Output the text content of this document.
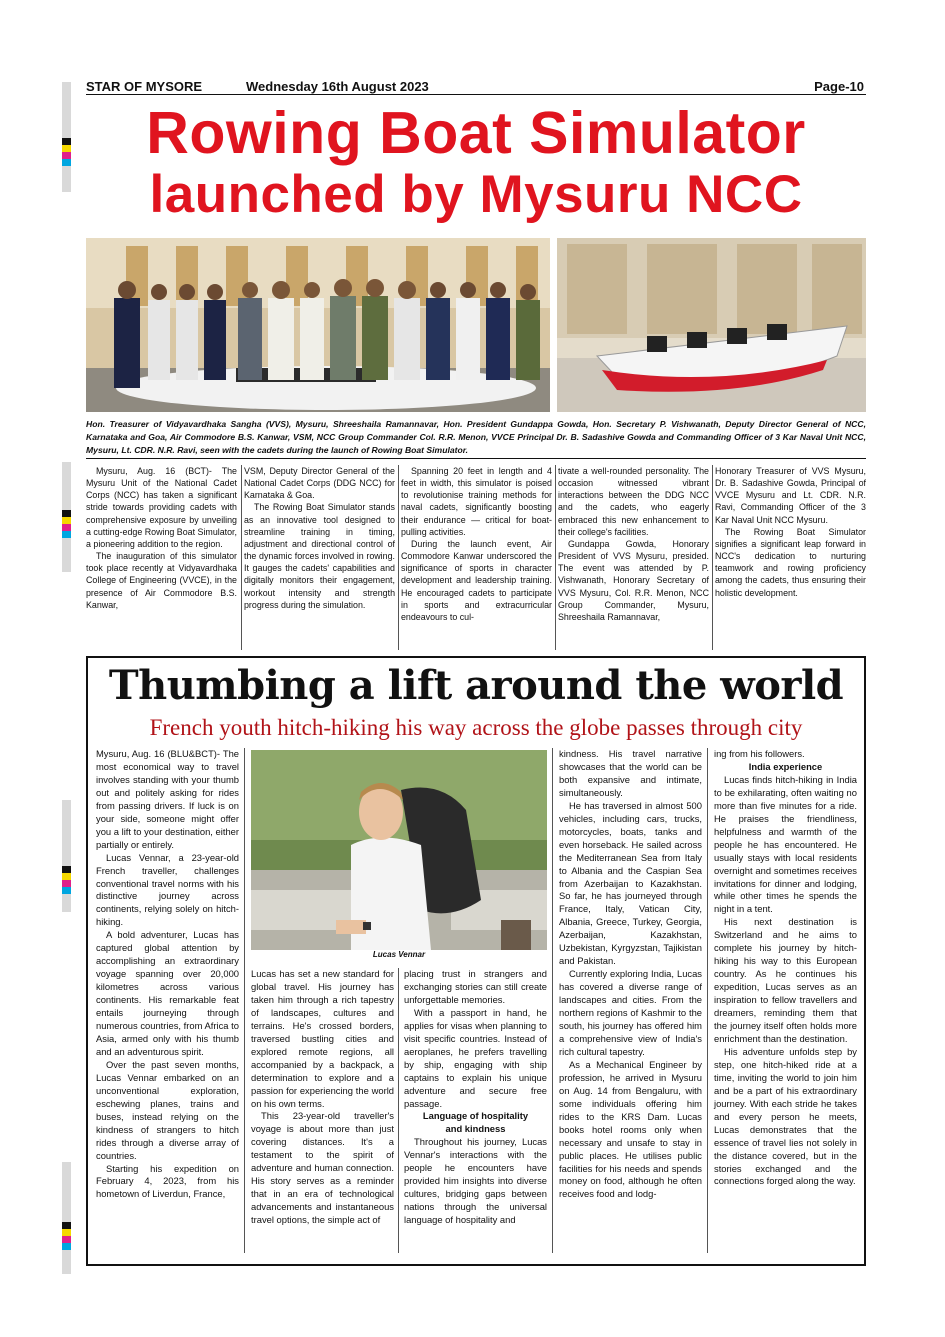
STAR OF MYSORE	Wednesday 16th August 2023	Page-10
Rowing Boat Simulator
launched by Mysuru NCC
Hon. Treasurer of Vidyavardhaka Sangha (VVS), Mysuru, Shreeshaila Ramannavar, Hon. President Gundappa Gowda, Hon. Secretary P. Vishwanath, Deputy Director General of NCC, Karnataka and Goa, Air Commodore B.S. Kanwar, VSM, NCC Group Commander Col. R.R. Menon, VVCE Principal Dr. B. Sadashive Gowda and Commanding Officer of 3 Kar Naval Unit NCC, Mysuru, Lt. CDR. N.R. Ravi, seen with the cadets during the launch of Rowing Boat Simulator.

Mysuru, Aug. 16 (BCT)- The Mysuru Unit of the National Cadet Corps (NCC) has taken a significant stride towards providing cadets with comprehensive exposure by unveiling a cutting-edge Rowing Boat Simulator, a pioneering addition to the region.

The inauguration of this simulator took place recently at Vidyavardhaka College of Engineering (VVCE), in the presence of Air Commodore B.S. Kanwar,

VSM, Deputy Director General of the National Cadet Corps (DDG NCC) for Karnataka & Goa.

The Rowing Boat Simulator stands as an innovative tool designed to streamline training in timing, adjustment and directional control of the dynamic forces involved in rowing. It gauges the cadets' capabilities and digitally monitors their engagement, workout intensity and strength progress during the simulation.

Spanning 20 feet in length and 4 feet in width, this simulator is poised to revolutionise training methods for naval cadets, significantly boosting their endurance — critical for boat-pulling activities.

During the launch event, Air Commodore Kanwar underscored the significance of sports in character development and leadership training. He encouraged cadets to participate in sports and extracurricular endeavours to cul-

tivate a well-rounded personality. The occasion witnessed vibrant interactions between the DDG NCC and the cadets, who eagerly embraced this new enhancement to their college's facilities.

Gundappa Gowda, Honorary President of VVS Mysuru, presided. The event was attended by P. Vishwanath, Honorary Secretary of VVS Mysuru, Col. R.R. Menon, NCC Group Commander, Mysuru, Shreeshaila Ramannavar,

Honorary Treasurer of VVS Mysuru, Dr. B. Sadashive Gowda, Principal of VVCE Mysuru and Lt. CDR. N.R. Ravi, Commanding Officer of the 3 Kar Naval Unit NCC Mysuru.

The Rowing Boat Simulator signifies a significant leap forward in NCC's dedication to nurturing teamwork and rowing proficiency among the cadets, thus ensuring their holistic development.

Thumbing a lift around the world
French youth hitch-hiking his way across the globe passes through city
Lucas Vennar

Mysuru, Aug. 16 (BLU&BCT)- The most economical way to travel involves standing with your thumb out and politely asking for rides from passing drivers. If luck is on your side, someone might offer you a lift to your destination, either partially or entirely.

Lucas Vennar, a 23-year-old French traveller, challenges conventional travel norms with his distinctive journey across continents, relying solely on hitch-hiking.

A bold adventurer, Lucas has captured global attention by accomplishing an extraordinary voyage spanning over 20,000 kilometres across various continents. His remarkable feat entails journeying through numerous countries, from Africa to Asia, armed only with his thumb and an adventurous spirit.

Over the past seven months, Lucas Vennar embarked on an unconventional exploration, eschewing planes, trains and buses, instead relying on the kindness of strangers to hitch rides through a diverse array of countries.

Starting his expedition on February 4, 2023, from his hometown of Liverdun, France,

Lucas has set a new standard for global travel. His journey has taken him through a rich tapestry of landscapes, cultures and terrains. He's crossed borders, traversed bustling cities and explored remote regions, all accompanied by a backpack, a determination to explore and a passion for experiencing the world on his own terms.

This 23-year-old traveller's voyage is about more than just covering distances. It's a testament to the spirit of adventure and human connection. His story serves as a reminder that in an era of technological advancements and instantaneous travel options, the simple act of

placing trust in strangers and exchanging stories can still create unforgettable memories.

With a passport in hand, he applies for visas when planning to visit specific countries. Instead of aeroplanes, he prefers travelling by ship, engaging with ship captains to explain his unique adventure and secure free passage.

Language of hospitality

and kindness

Throughout his journey, Lucas Vennar's interactions with the people he encounters have provided him insights into diverse cultures, bridging gaps between nations through the universal language of hospitality and

kindness. His travel narrative showcases that the world can be both expansive and intimate, simultaneously.

He has traversed in almost 500 vehicles, including cars, trucks, motorcycles, boats, tanks and even horseback. He sailed across the Mediterranean Sea from Italy to Albania and the Caspian Sea from Azerbaijan to Kazakhstan. So far, he has journeyed through France, Italy, Vatican City, Albania, Greece, Turkey, Georgia, Azerbaijan, Kazakhstan, Uzbekistan, Kyrgyzstan, Tajikistan and Pakistan.

Currently exploring India, Lucas has covered a diverse range of landscapes and cities. From the northern regions of Kashmir to the south, his journey has offered him a comprehensive view of India's rich cultural tapestry.

As a Mechanical Engineer by profession, he arrived in Mysuru on Aug. 14 from Bengaluru, with some individuals offering him rides to the KRS Dam. Lucas books hotel rooms only when necessary and unsafe to stay in public places. He utilises public facilities for his needs and spends money on food, although he often receives food and lodg-

ing from his followers.

India experience

Lucas finds hitch-hiking in India to be exhilarating, often waiting no more than five minutes for a ride. He praises the friendliness, helpfulness and warmth of the people he has encountered. He usually stays with local residents overnight and sometimes receives invitations for dinner and lodging, while other times he spends the night in a tent.

His next destination is Switzerland and he aims to complete his journey by hitch-hiking his way to this European country. As he continues his expedition, Lucas serves as an inspiration to fellow travellers and dreamers, reminding them that the journey itself often holds more enrichment than the destination.

His adventure unfolds step by step, one hitch-hiked ride at a time, inviting the world to join him and be a part of his extraordinary journey. With each stride he takes and every person he meets, Lucas demonstrates that the essence of travel lies not solely in the distance covered, but in the stories exchanged and the connections forged along the way.
